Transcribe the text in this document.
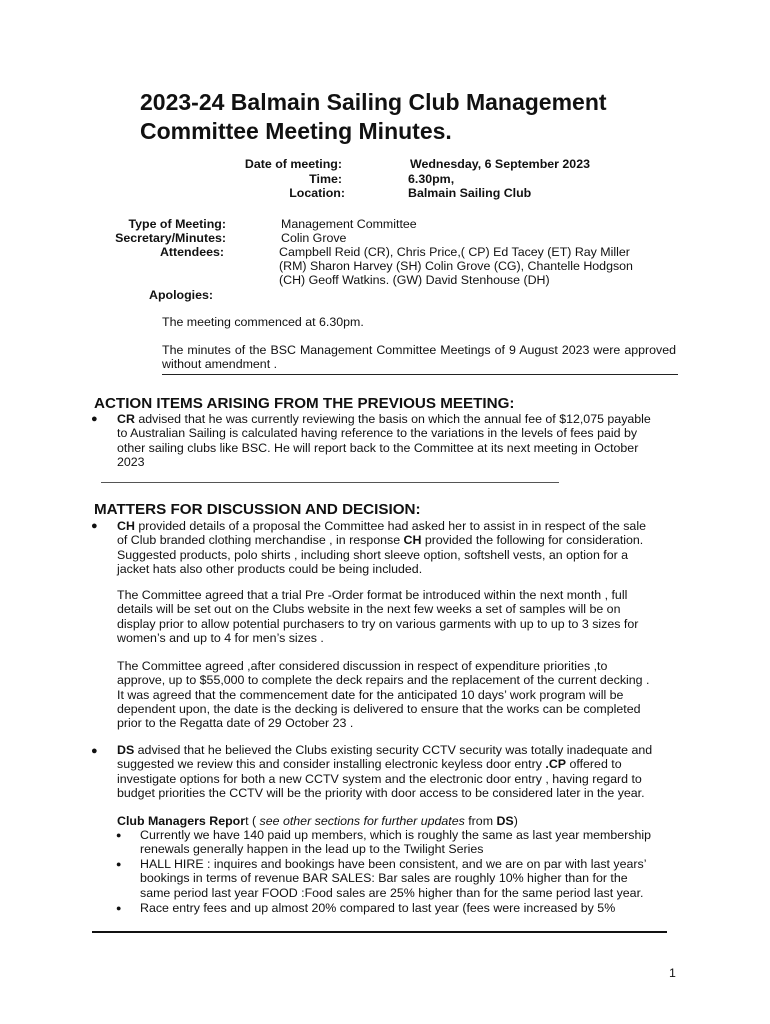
2023-24 Balmain Sailing Club Management Committee Meeting Minutes.
Date of meeting:	Wednesday, 6 September 2023
Time:	6.30pm,
Location:	Balmain Sailing Club
Type of Meeting:	Management Committee
Secretary/Minutes:	Colin Grove
Attendees:	Campbell Reid (CR), Chris Price,( CP) Ed Tacey (ET) Ray Miller
(RM) Sharon Harvey (SH) Colin Grove (CG), Chantelle Hodgson
(CH) Geoff Watkins. (GW) David Stenhouse (DH)
Apologies:
The meeting commenced at 6.30pm.
The minutes of the BSC Management Committee Meetings of 9 August 2023 were approved without amendment .
ACTION ITEMS ARISING FROM THE PREVIOUS MEETING:
● CR advised that he was currently reviewing the basis on which the annual fee of $12,075 payable
to Australian Sailing is calculated having reference to the variations in the levels of fees paid by
other sailing clubs like BSC. He will report back to the Committee at its next meeting in October
2023
MATTERS FOR DISCUSSION AND DECISION:
● CH provided details of a proposal the Committee had asked her to assist in in respect of the sale
of Club branded clothing merchandise , in response CH provided the following for consideration.
Suggested products, polo shirts , including short sleeve option, softshell vests, an option for a
jacket hats also other products could be being included.
The Committee agreed that a trial Pre -Order format be introduced within the next month , full
details will be set out on the Clubs website in the next few weeks a set of samples will be on
display prior to allow potential purchasers to try on various garments with up to up to 3 sizes for
women’s and up to 4 for men’s sizes .
The Committee agreed ,after considered discussion in respect of expenditure priorities ,to
approve, up to $55,000 to complete the deck repairs and the replacement of the current decking .
It was agreed that the commencement date for the anticipated 10 days’ work program will be
dependent upon, the date is the decking is delivered to ensure that the works can be completed
prior to the Regatta date of 29 October 23 .
● DS advised that he believed the Clubs existing security CCTV security was totally inadequate and
suggested we review this and consider installing electronic keyless door entry .CP offered to
investigate options for both a new CCTV system and the electronic door entry , having regard to
budget priorities the CCTV will be the priority with door access to be considered later in the year.
Club Managers Report ( see other sections for further updates from DS)
● Currently we have 140 paid up members, which is roughly the same as last year membership
renewals generally happen in the lead up to the Twilight Series
● HALL HIRE : inquires and bookings have been consistent, and we are on par with last years’
bookings in terms of revenue BAR SALES: Bar sales are roughly 10% higher than for the
same period last year FOOD :Food sales are 25% higher than for the same period last year.
● Race entry fees and up almost 20% compared to last year (fees were increased by 5%
1
